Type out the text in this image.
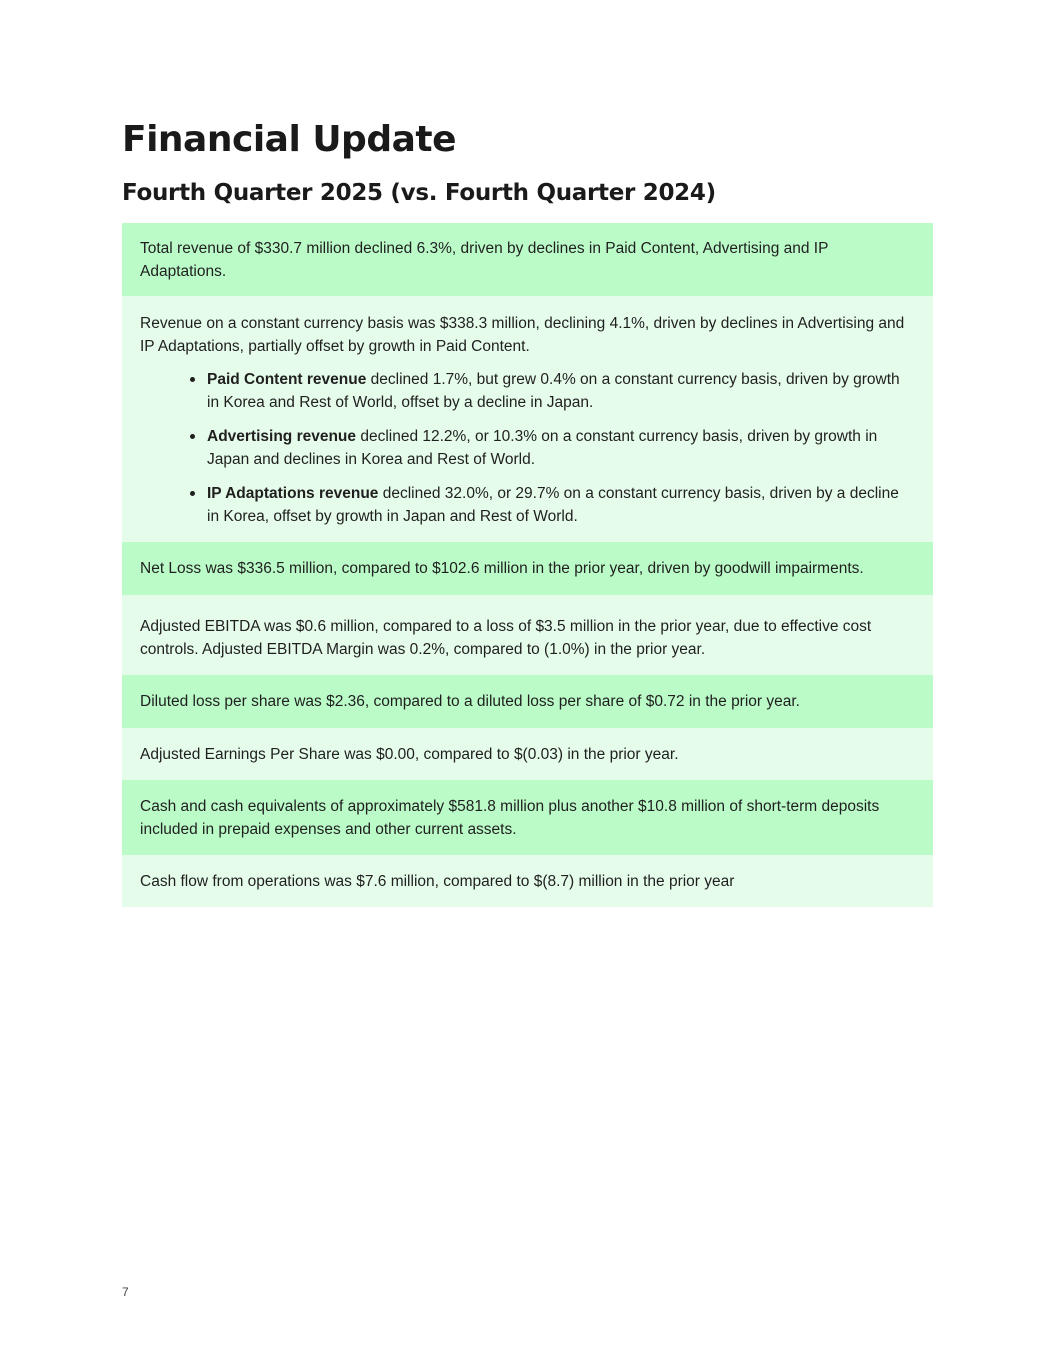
Financial Update
Fourth Quarter 2025 (vs. Fourth Quarter 2024)

Total revenue of $330.7 million declined 6.3%, driven by declines in Paid Content, Advertising and IP Adaptations.

Revenue on a constant currency basis was $338.3 million, declining 4.1%, driven by declines in Advertising and IP Adaptations, partially offset by growth in Paid Content.

Paid Content revenue declined 1.7%, but grew 0.4% on a constant currency basis, driven by growth in Korea and Rest of World, offset by a decline in Japan.
Advertising revenue declined 12.2%, or 10.3% on a constant currency basis, driven by growth in Japan and declines in Korea and Rest of World.
IP Adaptations revenue declined 32.0%, or 29.7% on a constant currency basis, driven by a decline in Korea, offset by growth in Japan and Rest of World.

Net Loss was $336.5 million, compared to $102.6 million in the prior year, driven by goodwill impairments.

Adjusted EBITDA was $0.6 million, compared to a loss of $3.5 million in the prior year, due to effective cost controls. Adjusted EBITDA Margin was 0.2%, compared to (1.0%) in the prior year.

Diluted loss per share was $2.36, compared to a diluted loss per share of $0.72 in the prior year.

Adjusted Earnings Per Share was $0.00, compared to $(0.03) in the prior year.

Cash and cash equivalents of approximately $581.8 million plus another $10.8 million of short-term deposits included in prepaid expenses and other current assets.

Cash flow from operations was $7.6 million, compared to $(8.7) million in the prior year

7
